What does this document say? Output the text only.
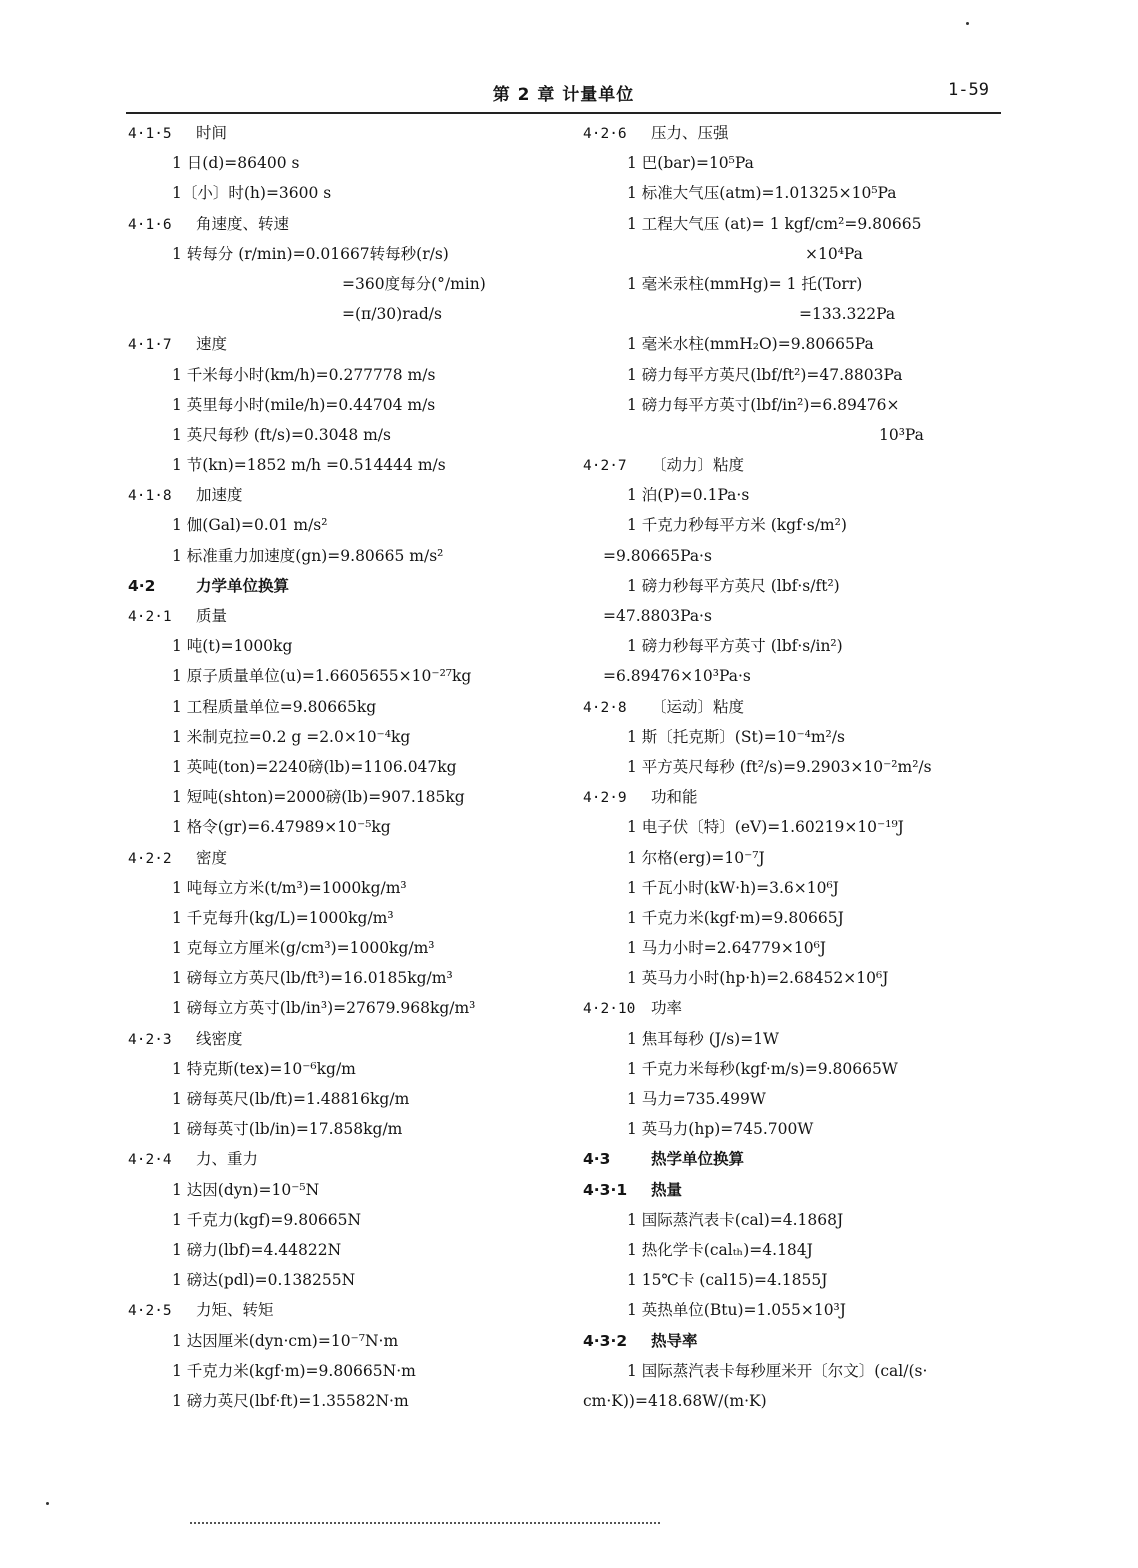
第 2 章 计量单位	1-59
4·1·5 时间
1 日(d)=86400 s
1〔小〕时(h)=3600 s
4·1·6 角速度、转速
1 转每分 (r/min)=0.01667转每秒(r/s)
=360度每分(°/min)
=(π/30)rad/s
4·1·7 速度
1 千米每小时(km/h)=0.277778 m/s
1 英里每小时(mile/h)=0.44704 m/s
1 英尺每秒 (ft/s)=0.3048 m/s
1 节(kn)=1852 m/h =0.514444 m/s
4·1·8 加速度
1 伽(Gal)=0.01 m/s²
1 标准重力加速度(gn)=9.80665 m/s²
4·2	力学单位换算
4·2·1 质量
1 吨(t)=1000kg
1 原子质量单位(u)=1.6605655×10⁻²⁷kg
1 工程质量单位=9.80665kg
1 米制克拉=0.2 g =2.0×10⁻⁴kg
1 英吨(ton)=2240磅(lb)=1106.047kg
1 短吨(shton)=2000磅(lb)=907.185kg
1 格令(gr)=6.47989×10⁻⁵kg
4·2·2 密度
1 吨每立方米(t/m³)=1000kg/m³
1 千克每升(kg/L)=1000kg/m³
1 克每立方厘米(g/cm³)=1000kg/m³
1 磅每立方英尺(lb/ft³)=16.0185kg/m³
1 磅每立方英寸(lb/in³)=27679.968kg/m³
4·2·3 线密度
1 特克斯(tex)=10⁻⁶kg/m
1 磅每英尺(lb/ft)=1.48816kg/m
1 磅每英寸(lb/in)=17.858kg/m
4·2·4 力、重力
1 达因(dyn)=10⁻⁵N
1 千克力(kgf)=9.80665N
1 磅力(lbf)=4.44822N
1 磅达(pdl)=0.138255N
4·2·5 力矩、转矩
1 达因厘米(dyn·cm)=10⁻⁷N·m
1 千克力米(kgf·m)=9.80665N·m
1 磅力英尺(lbf·ft)=1.35582N·m
4·2·6 压力、压强
1 巴(bar)=10⁵Pa
1 标准大气压(atm)=1.01325×10⁵Pa
1 工程大气压 (at)= 1 kgf/cm²=9.80665
×10⁴Pa
1 毫米汞柱(mmHg)= 1 托(Torr)
=133.322Pa
1 毫米水柱(mmH₂O)=9.80665Pa
1 磅力每平方英尺(lbf/ft²)=47.8803Pa
1 磅力每平方英寸(lbf/in²)=6.89476×
10³Pa
4·2·7 〔动力〕粘度
1 泊(P)=0.1Pa·s
1 千克力秒每平方米 (kgf·s/m²)
=9.80665Pa·s
1 磅力秒每平方英尺 (lbf·s/ft²)
=47.8803Pa·s
1 磅力秒每平方英寸 (lbf·s/in²)
=6.89476×10³Pa·s
4·2·8 〔运动〕粘度
1 斯〔托克斯〕(St)=10⁻⁴m²/s
1 平方英尺每秒 (ft²/s)=9.2903×10⁻²m²/s
4·2·9 功和能
1 电子伏〔特〕(eV)=1.60219×10⁻¹⁹J
1 尔格(erg)=10⁻⁷J
1 千瓦小时(kW·h)=3.6×10⁶J
1 千克力米(kgf·m)=9.80665J
1 马力小时=2.64779×10⁶J
1 英马力小时(hp·h)=2.68452×10⁶J
4·2·10 功率
1 焦耳每秒 (J/s)=1W
1 千克力米每秒(kgf·m/s)=9.80665W
1 马力=735.499W
1 英马力(hp)=745.700W
4·3	热学单位换算
4·3·1 热量
1 国际蒸汽表卡(cal)=4.1868J
1 热化学卡(calₜₕ)=4.184J
1 15℃卡 (cal15)=4.1855J
1 英热单位(Btu)=1.055×10³J
4·3·2 热导率
1 国际蒸汽表卡每秒厘米开〔尔文〕(cal/(s·
cm·K))=418.68W/(m·K)
